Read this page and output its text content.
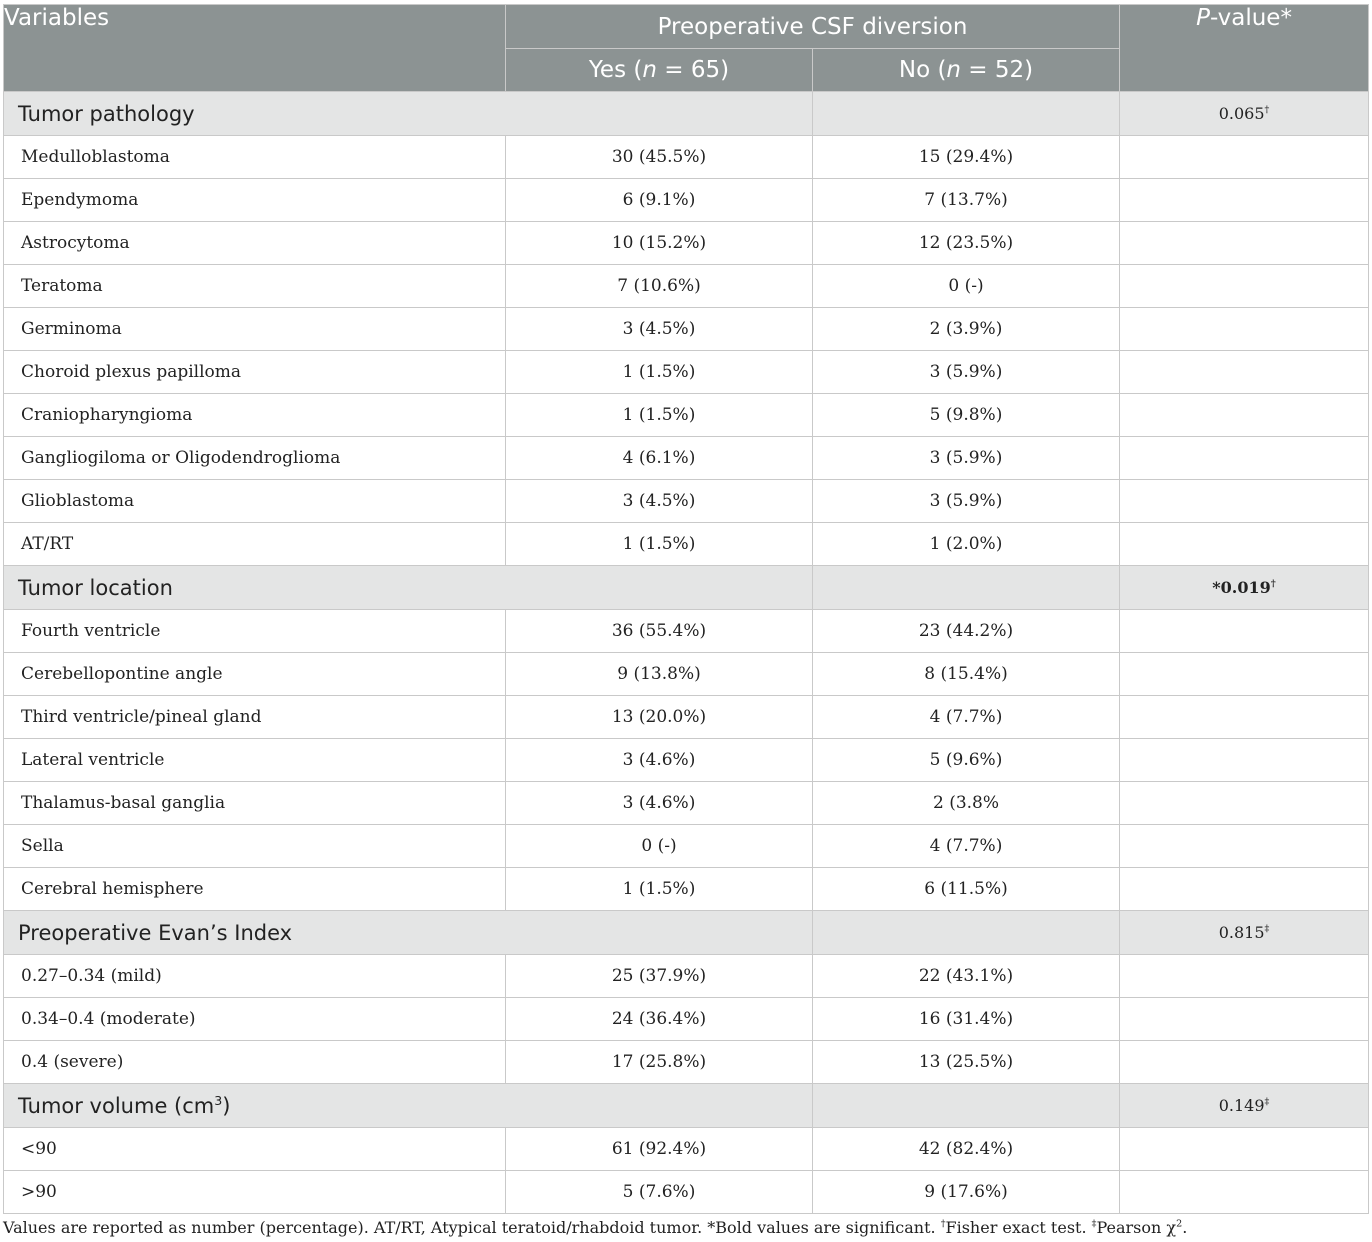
Variables	Preoperative CSF diversion		P-value*
	Yes (n = 65)	No (n = 52)	
Tumor pathology			0.065†
Medulloblastoma	30 (45.5%)	15 (29.4%)	
Ependymoma	6 (9.1%)	7 (13.7%)	
Astrocytoma	10 (15.2%)	12 (23.5%)	
Teratoma	7 (10.6%)	0 (-)	
Germinoma	3 (4.5%)	2 (3.9%)	
Choroid plexus papilloma	1 (1.5%)	3 (5.9%)	
Craniopharyngioma	1 (1.5%)	5 (9.8%)	
Gangliogiloma or Oligodendroglioma	4 (6.1%)	3 (5.9%)	
Glioblastoma	3 (4.5%)	3 (5.9%)	
AT/RT	1 (1.5%)	1 (2.0%)	
Tumor location			*0.019†
Fourth ventricle	36 (55.4%)	23 (44.2%)	
Cerebellopontine angle	9 (13.8%)	8 (15.4%)	
Third ventricle/pineal gland	13 (20.0%)	4 (7.7%)	
Lateral ventricle	3 (4.6%)	5 (9.6%)	
Thalamus-basal ganglia	3 (4.6%)	2 (3.8%	
Sella	0 (-)	4 (7.7%)	
Cerebral hemisphere	1 (1.5%)	6 (11.5%)	
Preoperative Evan’s Index			0.815‡
0.27–0.34 (mild)	25 (37.9%)	22 (43.1%)	
0.34–0.4 (moderate)	24 (36.4%)	16 (31.4%)	
0.4 (severe)	17 (25.8%)	13 (25.5%)	
Tumor volume $(cm^3)$			0.149‡
<90	61 (92.4%)	42 (82.4%)	
>90	5 (7.6%)	9 (17.6%)	
Values are reported as number (percentage). AT/RT, Atypical teratoid/rhabdoid tumor. *Bold values are significant. †Fisher exact test. ‡Pearson $\chi^2$.
